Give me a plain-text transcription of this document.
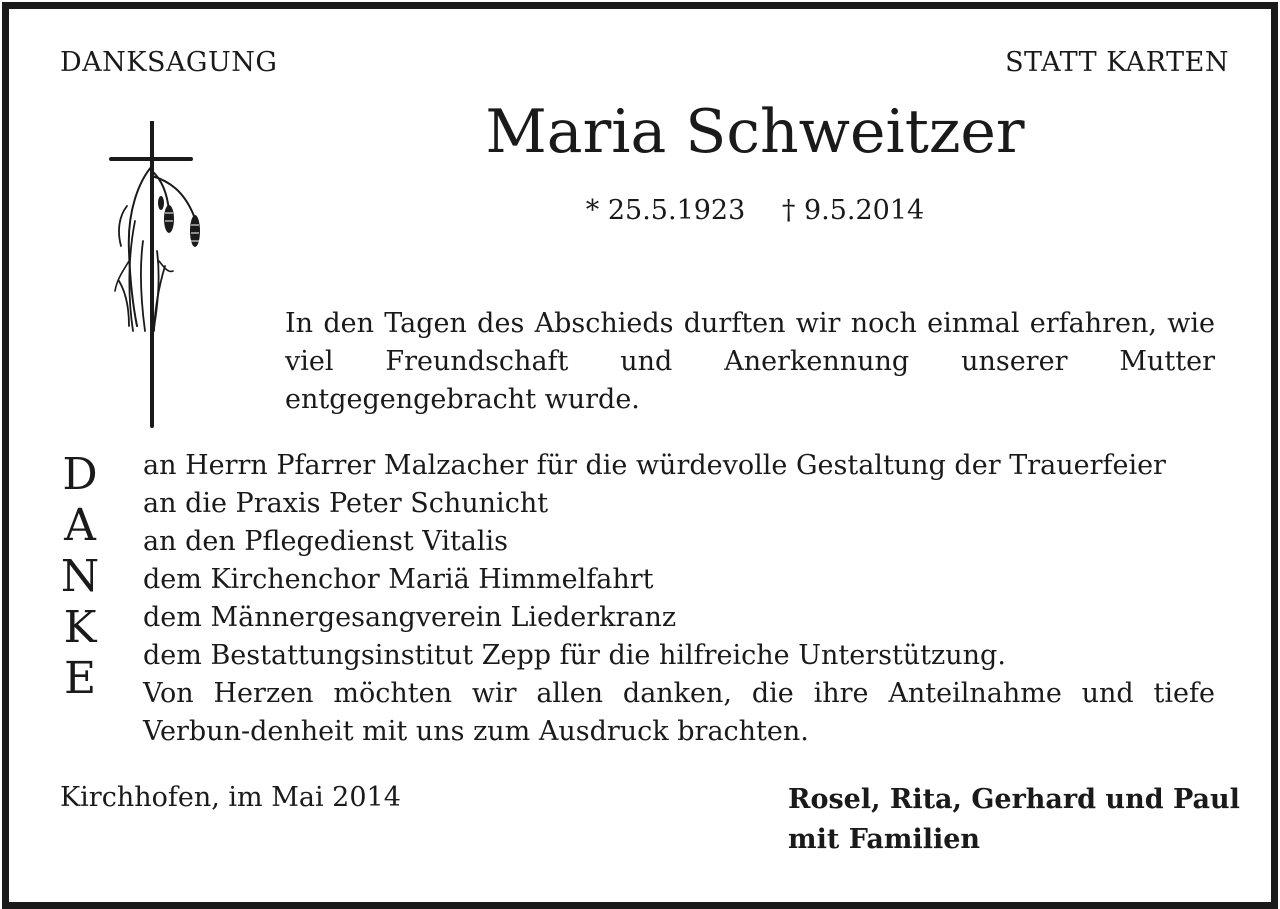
DANKSAGUNG	STATT KARTEN
Maria Schweitzer
* 25.5.1923 † 9.5.2014
In den Tagen des Abschieds durften wir noch einmal erfahren, wie viel Freundschaft und Anerkennung unserer Mutter entgegengebracht wurde.
D
A
N
K
E
an Herrn Pfarrer Malzacher für die würdevolle Gestaltung der Trauerfeier
an die Praxis Peter Schunicht
an den Pflegedienst Vitalis
dem Kirchenchor Mariä Himmelfahrt
dem Männergesangverein Liederkranz
dem Bestattungsinstitut Zepp für die hilfreiche Unterstützung.
Von Herzen möchten wir allen danken, die ihre Anteilnahme und tiefe Verbun-denheit mit uns zum Ausdruck brachten.
Kirchhofen, im Mai 2014	Rosel, Rita, Gerhard und Paul
mit Familien
